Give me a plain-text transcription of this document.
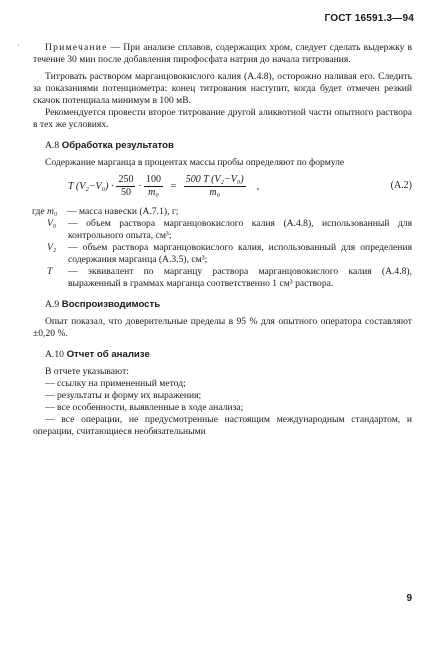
ГОСТ 16591.3—94
·	Примечание — При анализе сплавов, содержащих хром, следует сделать выдержку в течение 30 мин после добавления пирофосфата натрия до начала титрования.

Титровать раствором марганцовокислого калия (А.4.8), осторожно наливая его. Следить за показаниями потенциометра: конец титрования наступит, когда будет отмечен резкий скачок потенциала минимум в 100 мВ.

Рекомендуется провести второе титрование другой аликвотной части опытного раствора в тех же условиях.

А.8 Обработка результатов

Содержание марганца в процентах массы пробы определяют по формуле

T $(V_2-V_0) \cdot \frac{250}{50} \cdot \frac{100}{\text{m₀}} = \frac{\text{500 T (V₂−V₀)}}{\text{m₀}}$ ,	(А.2)
где m₀	— масса навески (А.7.1), г;
V₀	— объем раствора марганцовокислого калия (А.4.8), использованный для контрольного опыта, см³;
V₂	— объем раствора марганцовокислого калия, использованный для определения содержания марганца (А.3.5), см³;
T	— эквивалент по марганцу раствора марганцовокислого калия (А.4.8), выраженный в граммах марганца соответственно 1 см³ раствора.
А.9 Воспроизводимость

Опыт показал, что доверительные пределы в 95 % для опытного оператора составляют ±0,20 %.

А.10 Отчет об анализе

В отчете указывают:

— ссылку на примененный метод;

— результаты и форму их выражения;

— все особенности, выявленные в ходе анализа;

— все операции, не предусмотренные настоящим международным стандартом, и операции, считающиеся необязательными

9
